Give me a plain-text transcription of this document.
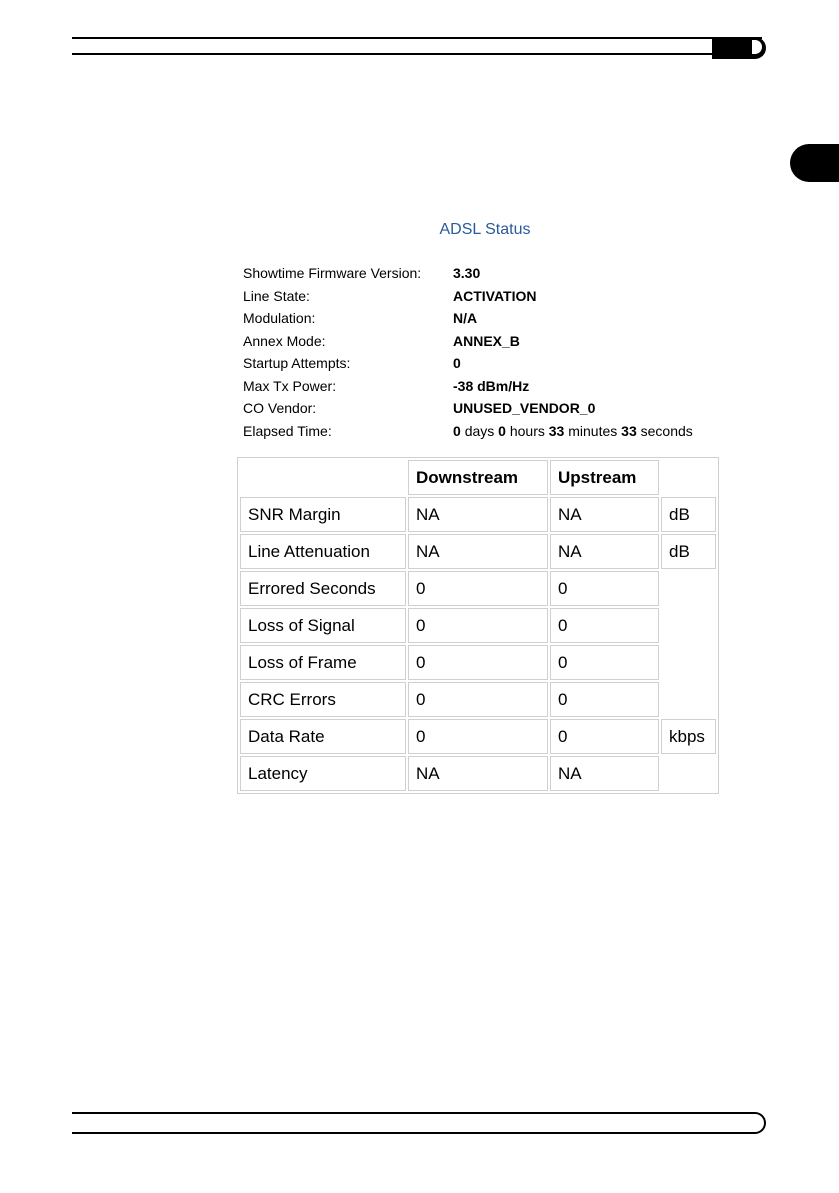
ADSL Status
Showtime Firmware Version:	3.30
Line State:	ACTIVATION
Modulation:	N/A
Annex Mode:	ANNEX_B
Startup Attempts:	0
Max Tx Power:	-38 dBm/Hz
CO Vendor:	UNUSED_VENDOR_0
Elapsed Time:	0 days 0 hours 33 minutes 33 seconds
	Downstream	Upstream	
SNR Margin	NA	NA	dB
Line Attenuation	NA	NA	dB
Errored Seconds	0	0	
Loss of Signal	0	0	
Loss of Frame	0	0	
CRC Errors	0	0	
Data Rate	0	0	kbps
Latency	NA	NA	
